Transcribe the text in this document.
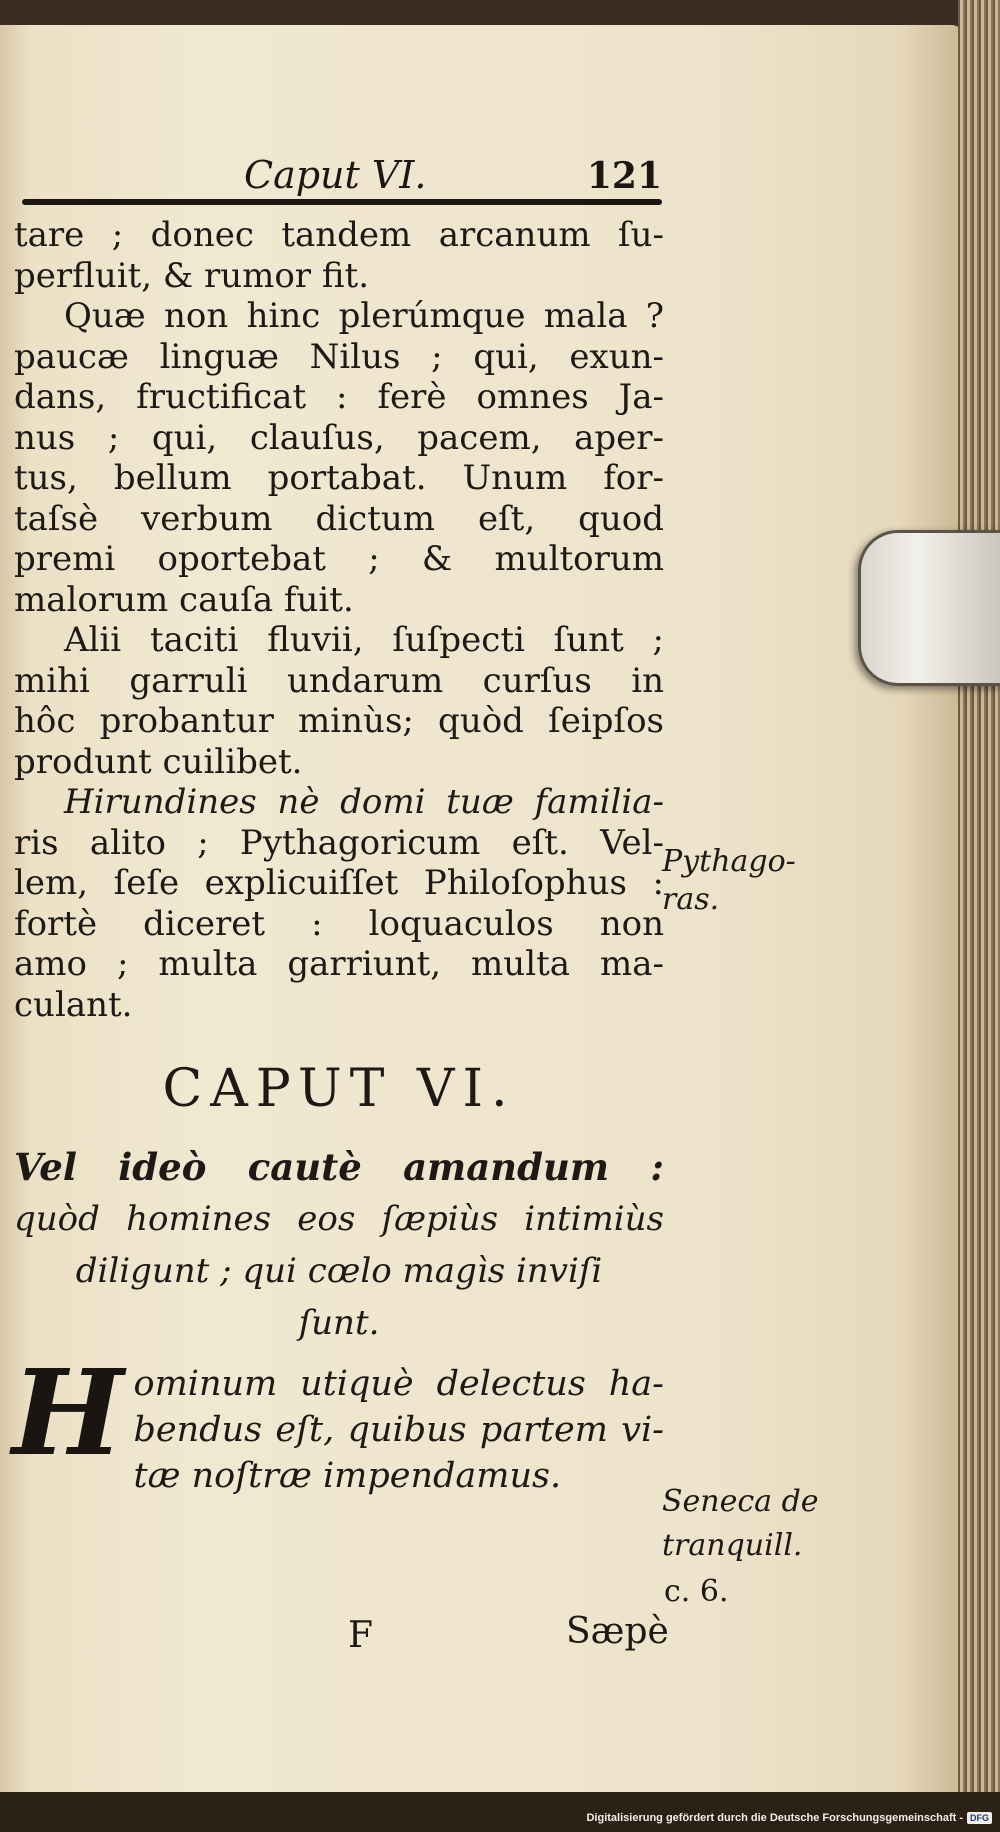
Caput VI.	121
tare ; donec tandem arcanum ſu-
perfluit, & rumor fit.
Quæ non hinc plerúmque mala ?
paucæ linguæ Nilus ; qui, exun-
dans, fructificat : ferè omnes Ja-
nus ; qui, clauſus, pacem, aper-
tus, bellum portabat. Unum for-
taſsè verbum dictum eſt, quod
premi oportebat ; & multorum
malorum cauſa fuit.
Alii taciti fluvii, ſuſpecti ſunt ;
mihi garruli undarum curſus in
hôc probantur minùs; quòd ſeipſos
produnt cuilibet.
Hirundines nè domi tuæ familia-
ris alito ; Pythagoricum eſt. Vel-
lem, ſeſe explicuiſſet Philoſophus :
fortè diceret : loquaculos non
amo ; multa garriunt, multa ma-
culant.
CAPUT VI.
Vel ideò cautè amandum :
quòd homines eos ſæpiùs intimiùs
diligunt ; qui cœlo magìs inviſi
ſunt.
H ominum utiquè delectus ha-
bendus eſt, quibus partem vi-
tæ noſtræ impendamus.
Pythago-
ras.
Seneca de
tranquill.
c. 6.
F	Sæpè
Digitalisierung gefördert durch die Deutsche Forschungsgemeinschaft - DFG
